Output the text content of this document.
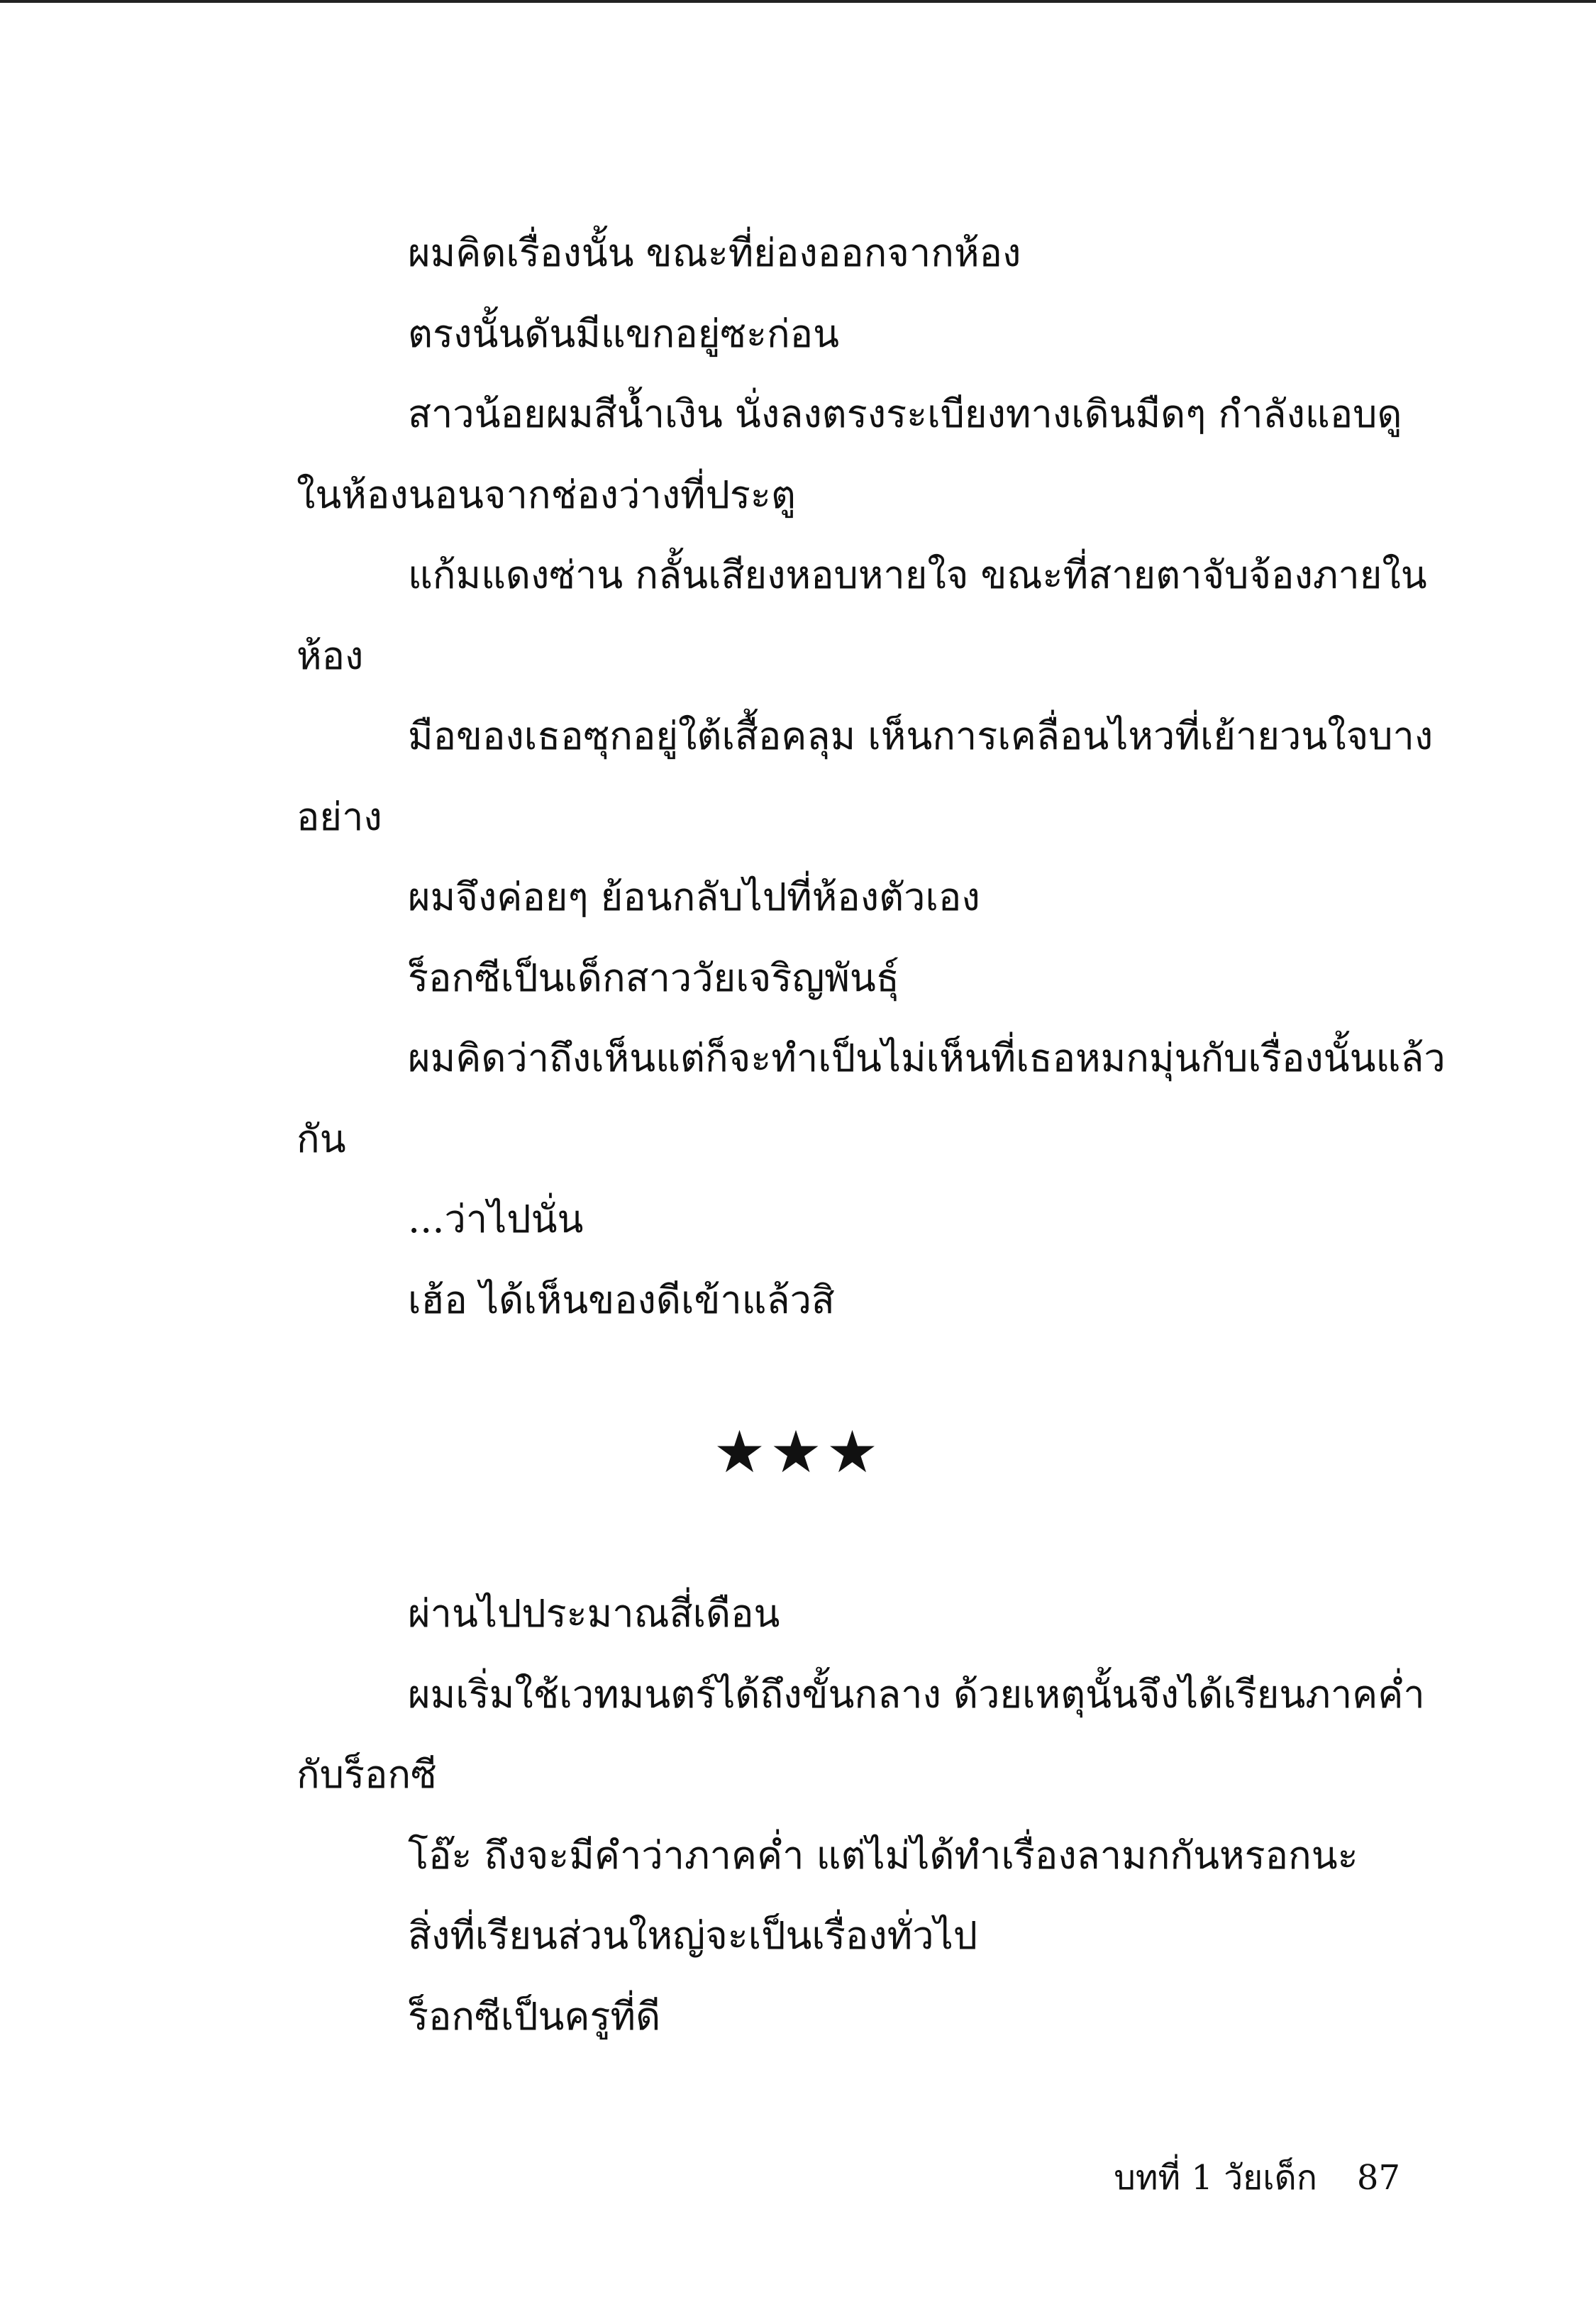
ผมคิดเรื่องนั้น ขณะที่ย่องออกจากห้อง
ตรงนั้นดันมีแขกอยู่ซะก่อน
สาวน้อยผมสีน้ำเงิน นั่งลงตรงระเบียงทางเดินมืดๆ กำลังแอบดู
ในห้องนอนจากช่องว่างที่ประตู
แก้มแดงซ่าน กลั้นเสียงหอบหายใจ ขณะที่สายตาจับจ้องภายใน
ห้อง
มือของเธอซุกอยู่ใต้เสื้อคลุม เห็นการเคลื่อนไหวที่เย้ายวนใจบาง
อย่าง
ผมจึงค่อยๆ ย้อนกลับไปที่ห้องตัวเอง
ร็อกซีเป็นเด็กสาววัยเจริญพันธุ์
ผมคิดว่าถึงเห็นแต่ก็จะทำเป็นไม่เห็นที่เธอหมกมุ่นกับเรื่องนั้นแล้ว
กัน
...ว่าไปนั่น
เฮ้อ ได้เห็นของดีเข้าแล้วสิ
★★★
ผ่านไปประมาณสี่เดือน
ผมเริ่มใช้เวทมนตร์ได้ถึงขั้นกลาง ด้วยเหตุนั้นจึงได้เรียนภาคค่ำ
กับร็อกซี
โอ๊ะ ถึงจะมีคำว่าภาคค่ำ แต่ไม่ได้ทำเรื่องลามกกันหรอกนะ
สิ่งที่เรียนส่วนใหญ่จะเป็นเรื่องทั่วไป
ร็อกซีเป็นครูที่ดี
บทที่ 1 วัยเด็ก 87
